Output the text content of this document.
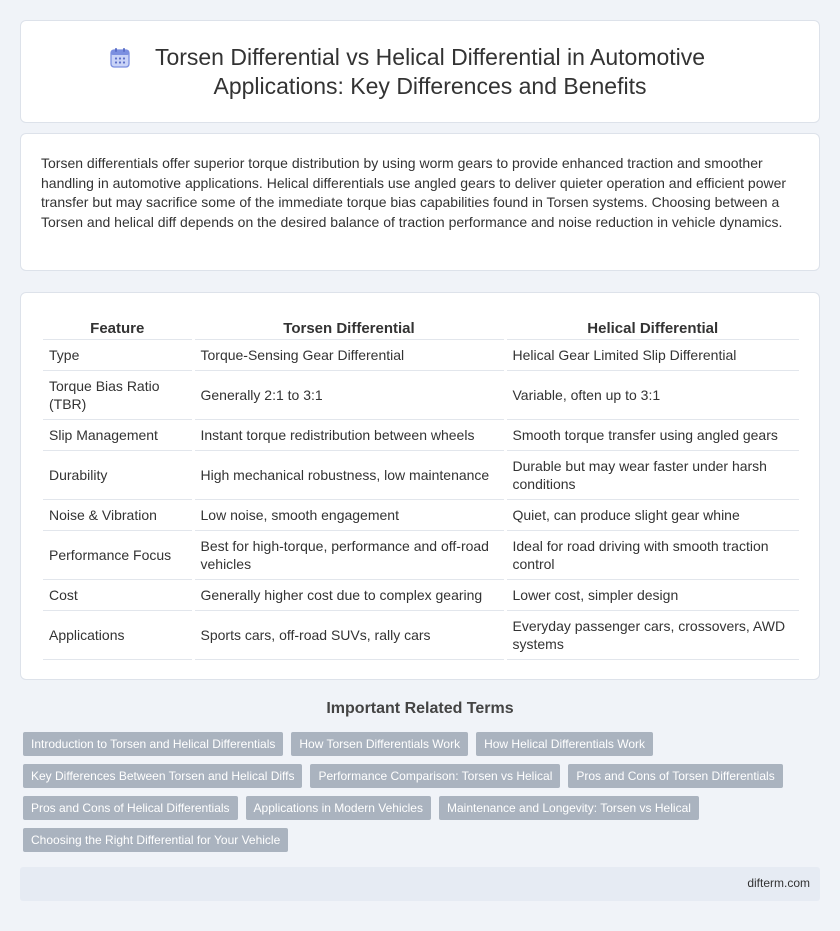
Torsen Differential vs Helical Differential in Automotive Applications: Key Differences and Benefits

Torsen differentials offer superior torque distribution by using worm gears to provide enhanced traction and smoother handling in automotive applications. Helical differentials use angled gears to deliver quieter operation and efficient power transfer but may sacrifice some of the immediate torque bias capabilities found in Torsen systems. Choosing between a Torsen and helical diff depends on the desired balance of traction performance and noise reduction in vehicle dynamics.

Feature	Torsen Differential	Helical Differential
Type	Torque-Sensing Gear Differential	Helical Gear Limited Slip Differential
Torque Bias Ratio (TBR)	Generally 2:1 to 3:1	Variable, often up to 3:1
Slip Management	Instant torque redistribution between wheels	Smooth torque transfer using angled gears
Durability	High mechanical robustness, low maintenance	Durable but may wear faster under harsh conditions
Noise & Vibration	Low noise, smooth engagement	Quiet, can produce slight gear whine
Performance Focus	Best for high-torque, performance and off-road vehicles	Ideal for road driving with smooth traction control
Cost	Generally higher cost due to complex gearing	Lower cost, simpler design
Applications	Sports cars, off-road SUVs, rally cars	Everyday passenger cars, crossovers, AWD systems
Important Related Terms
Introduction to Torsen and Helical Differentials	How Torsen Differentials Work	How Helical Differentials Work
Key Differences Between Torsen and Helical Diffs	Performance Comparison: Torsen vs Helical	Pros and Cons of Torsen Differentials
Pros and Cons of Helical Differentials	Applications in Modern Vehicles	Maintenance and Longevity: Torsen vs Helical
Choosing the Right Differential for Your Vehicle
difterm.com
